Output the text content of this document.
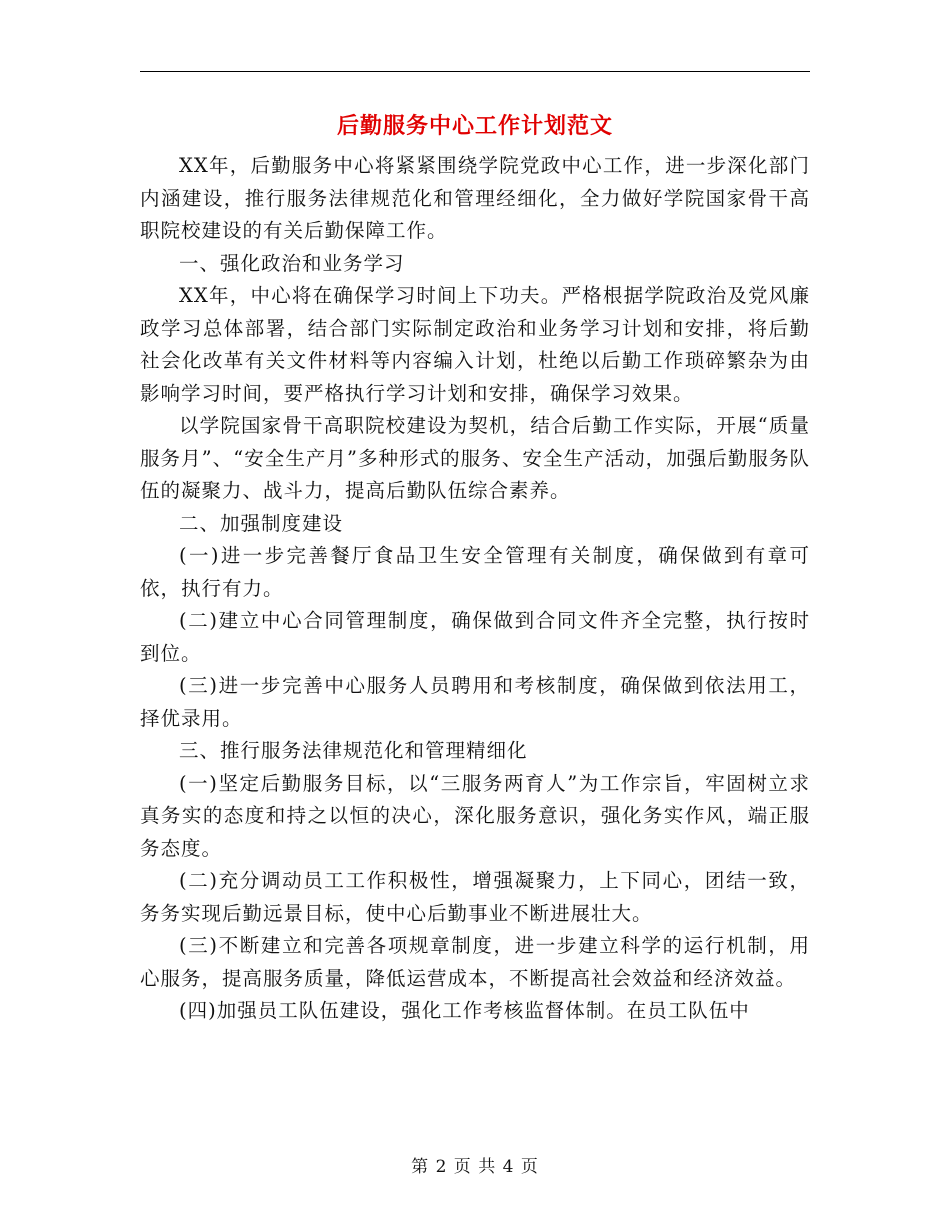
后勤服务中心工作计划范文

XX年，后勤服务中心将紧紧围绕学院党政中心工作，进一步深化部门内涵建设，推行服务法律规范化和管理经细化，全力做好学院国家骨干高职院校建设的有关后勤保障工作。

一、强化政治和业务学习

XX年，中心将在确保学习时间上下功夫。严格根据学院政治及党风廉政学习总体部署，结合部门实际制定政治和业务学习计划和安排，将后勤社会化改革有关文件材料等内容编入计划，杜绝以后勤工作琐碎繁杂为由影响学习时间，要严格执行学习计划和安排，确保学习效果。

以学院国家骨干高职院校建设为契机，结合后勤工作实际，开展“质量服务月”、“安全生产月”多种形式的服务、安全生产活动，加强后勤服务队伍的凝聚力、战斗力，提高后勤队伍综合素养。

二、加强制度建设

(一)进一步完善餐厅食品卫生安全管理有关制度，确保做到有章可依，执行有力。

(二)建立中心合同管理制度，确保做到合同文件齐全完整，执行按时到位。

(三)进一步完善中心服务人员聘用和考核制度，确保做到依法用工，择优录用。

三、推行服务法律规范化和管理精细化

(一)坚定后勤服务目标，以“三服务两育人”为工作宗旨，牢固树立求真务实的态度和持之以恒的决心，深化服务意识，强化务实作风，端正服务态度。

(二)充分调动员工工作积极性，增强凝聚力，上下同心，团结一致，务务实现后勤远景目标，使中心后勤事业不断进展壮大。

(三)不断建立和完善各项规章制度，进一步建立科学的运行机制，用心服务，提高服务质量，降低运营成本，不断提高社会效益和经济效益。

(四)加强员工队伍建设，强化工作考核监督体制。在员工队伍中

第 2 页 共 4 页
